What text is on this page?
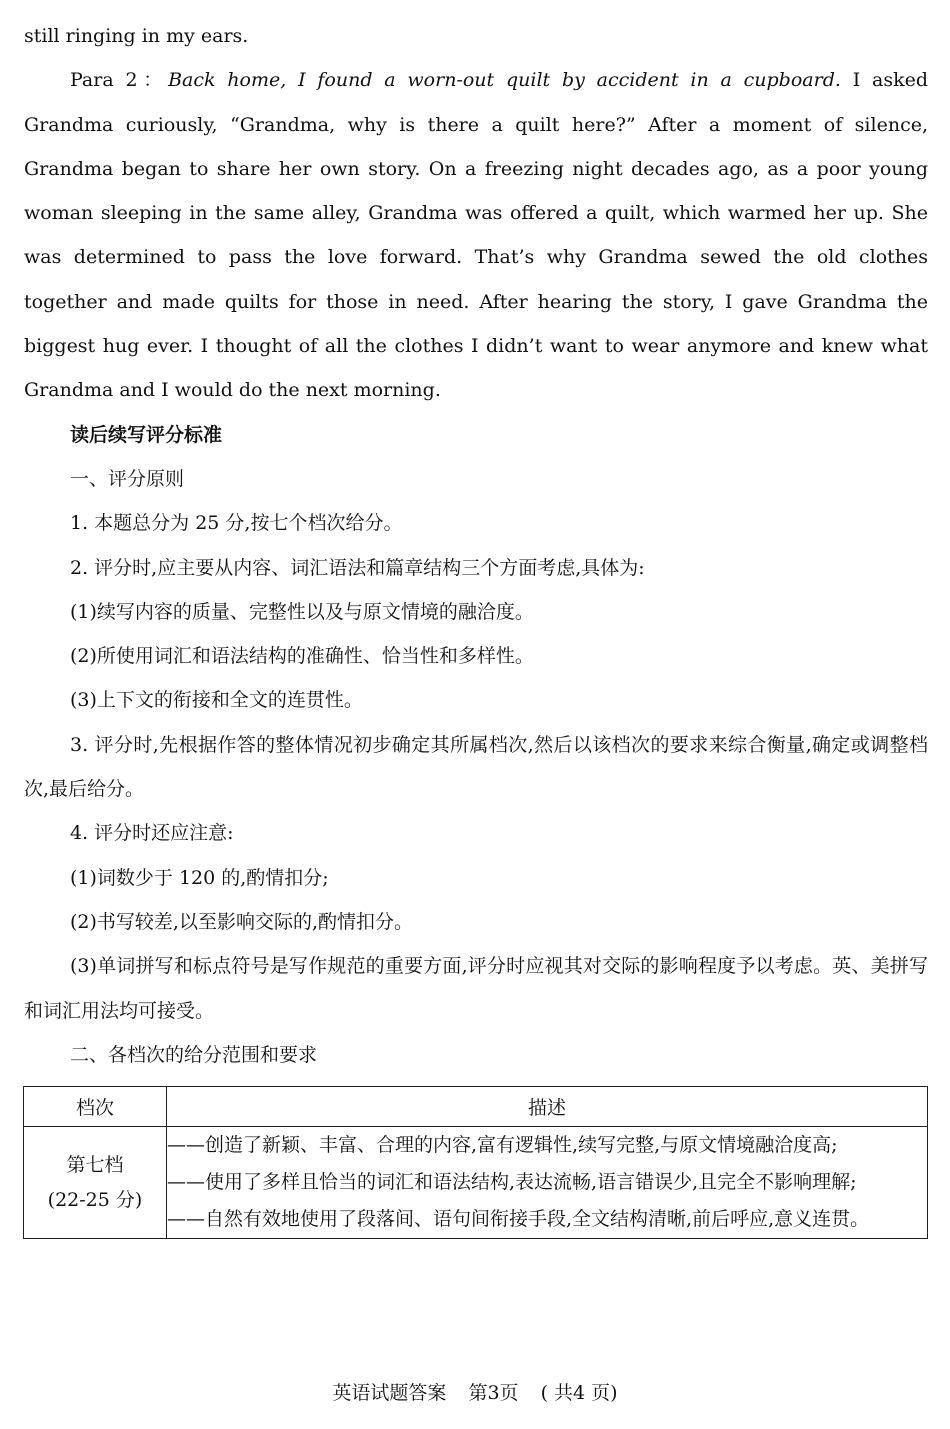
still ringing in my ears.

Para 2：Back home, I found a worn-out quilt by accident in a cupboard. I asked Grandma curiously, “Grandma, why is there a quilt here?” After a moment of silence, Grandma began to share her own story. On a freezing night decades ago, as a poor young woman sleeping in the same alley, Grandma was offered a quilt, which warmed her up. She was determined to pass the love forward. That’s why Grandma sewed the old clothes together and made quilts for those in need. After hearing the story, I gave Grandma the biggest hug ever. I thought of all the clothes I didn’t want to wear anymore and knew what Grandma and I would do the next morning.

读后续写评分标准

一、评分原则

1. 本题总分为 25 分,按七个档次给分。

2. 评分时,应主要从内容、词汇语法和篇章结构三个方面考虑,具体为:

(1)续写内容的质量、完整性以及与原文情境的融洽度。

(2)所使用词汇和语法结构的准确性、恰当性和多样性。

(3)上下文的衔接和全文的连贯性。

3. 评分时,先根据作答的整体情况初步确定其所属档次,然后以该档次的要求来综合衡量,确定或调整档次,最后给分。

4. 评分时还应注意:

(1)词数少于 120 的,酌情扣分;

(2)书写较差,以至影响交际的,酌情扣分。

(3)单词拼写和标点符号是写作规范的重要方面,评分时应视其对交际的影响程度予以考虑。英、美拼写和词汇用法均可接受。

二、各档次的给分范围和要求

档次	描述

第七档
(22-25 分)	——创造了新颖、丰富、合理的内容,富有逻辑性,续写完整,与原文情境融洽度高;
——使用了多样且恰当的词汇和语法结构,表达流畅,语言错误少,且完全不影响理解;
——自然有效地使用了段落间、语句间衔接手段,全文结构清晰,前后呼应,意义连贯。
英语试题答案 第3页 ( 共4 页)
